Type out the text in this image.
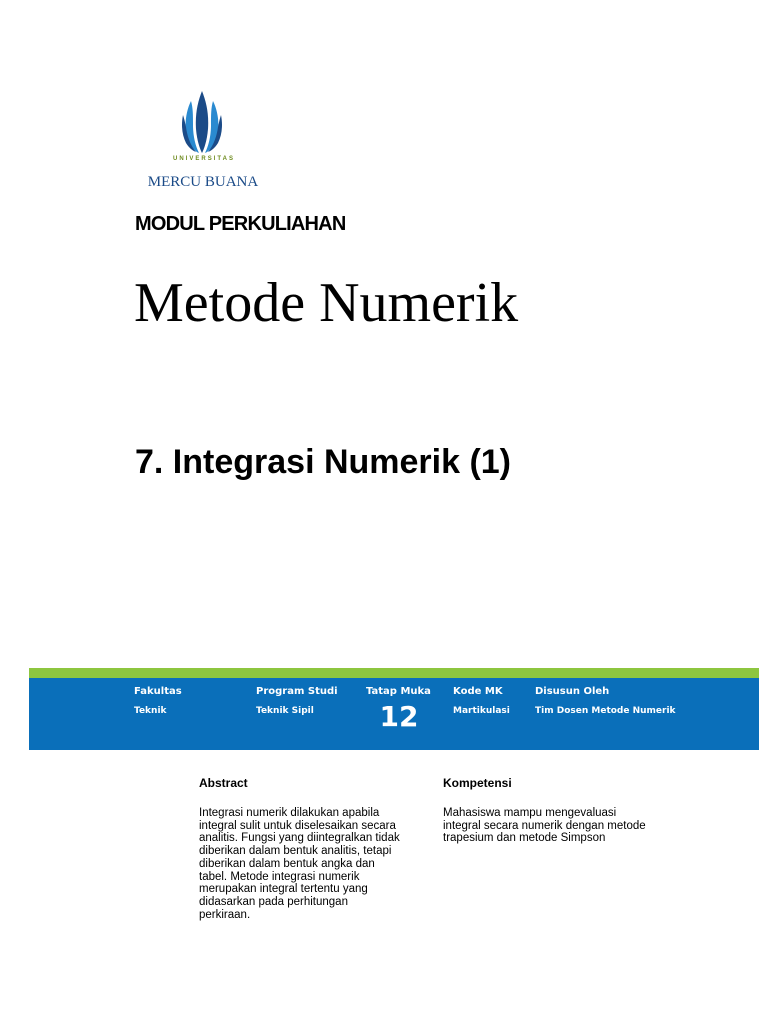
UNIVERSITAS
MERCU BUANA
MODUL PERKULIAHAN
Metode Numerik
7. Integrasi Numerik (1)
Fakultas
Teknik
Program Studi
Teknik Sipil
Tatap Muka
12
Kode MK
Martikulasi
Disusun Oleh
Tim Dosen Metode Numerik
Abstract
Integrasi numerik dilakukan apabila
integral sulit untuk diselesaikan secara
analitis. Fungsi yang diintegralkan tidak
diberikan dalam bentuk analitis, tetapi
diberikan dalam bentuk angka dan
tabel. Metode integrasi numerik
merupakan integral tertentu yang
didasarkan pada perhitungan
perkiraan.
Kompetensi
Mahasiswa mampu mengevaluasi
integral secara numerik dengan metode
trapesium dan metode Simpson
